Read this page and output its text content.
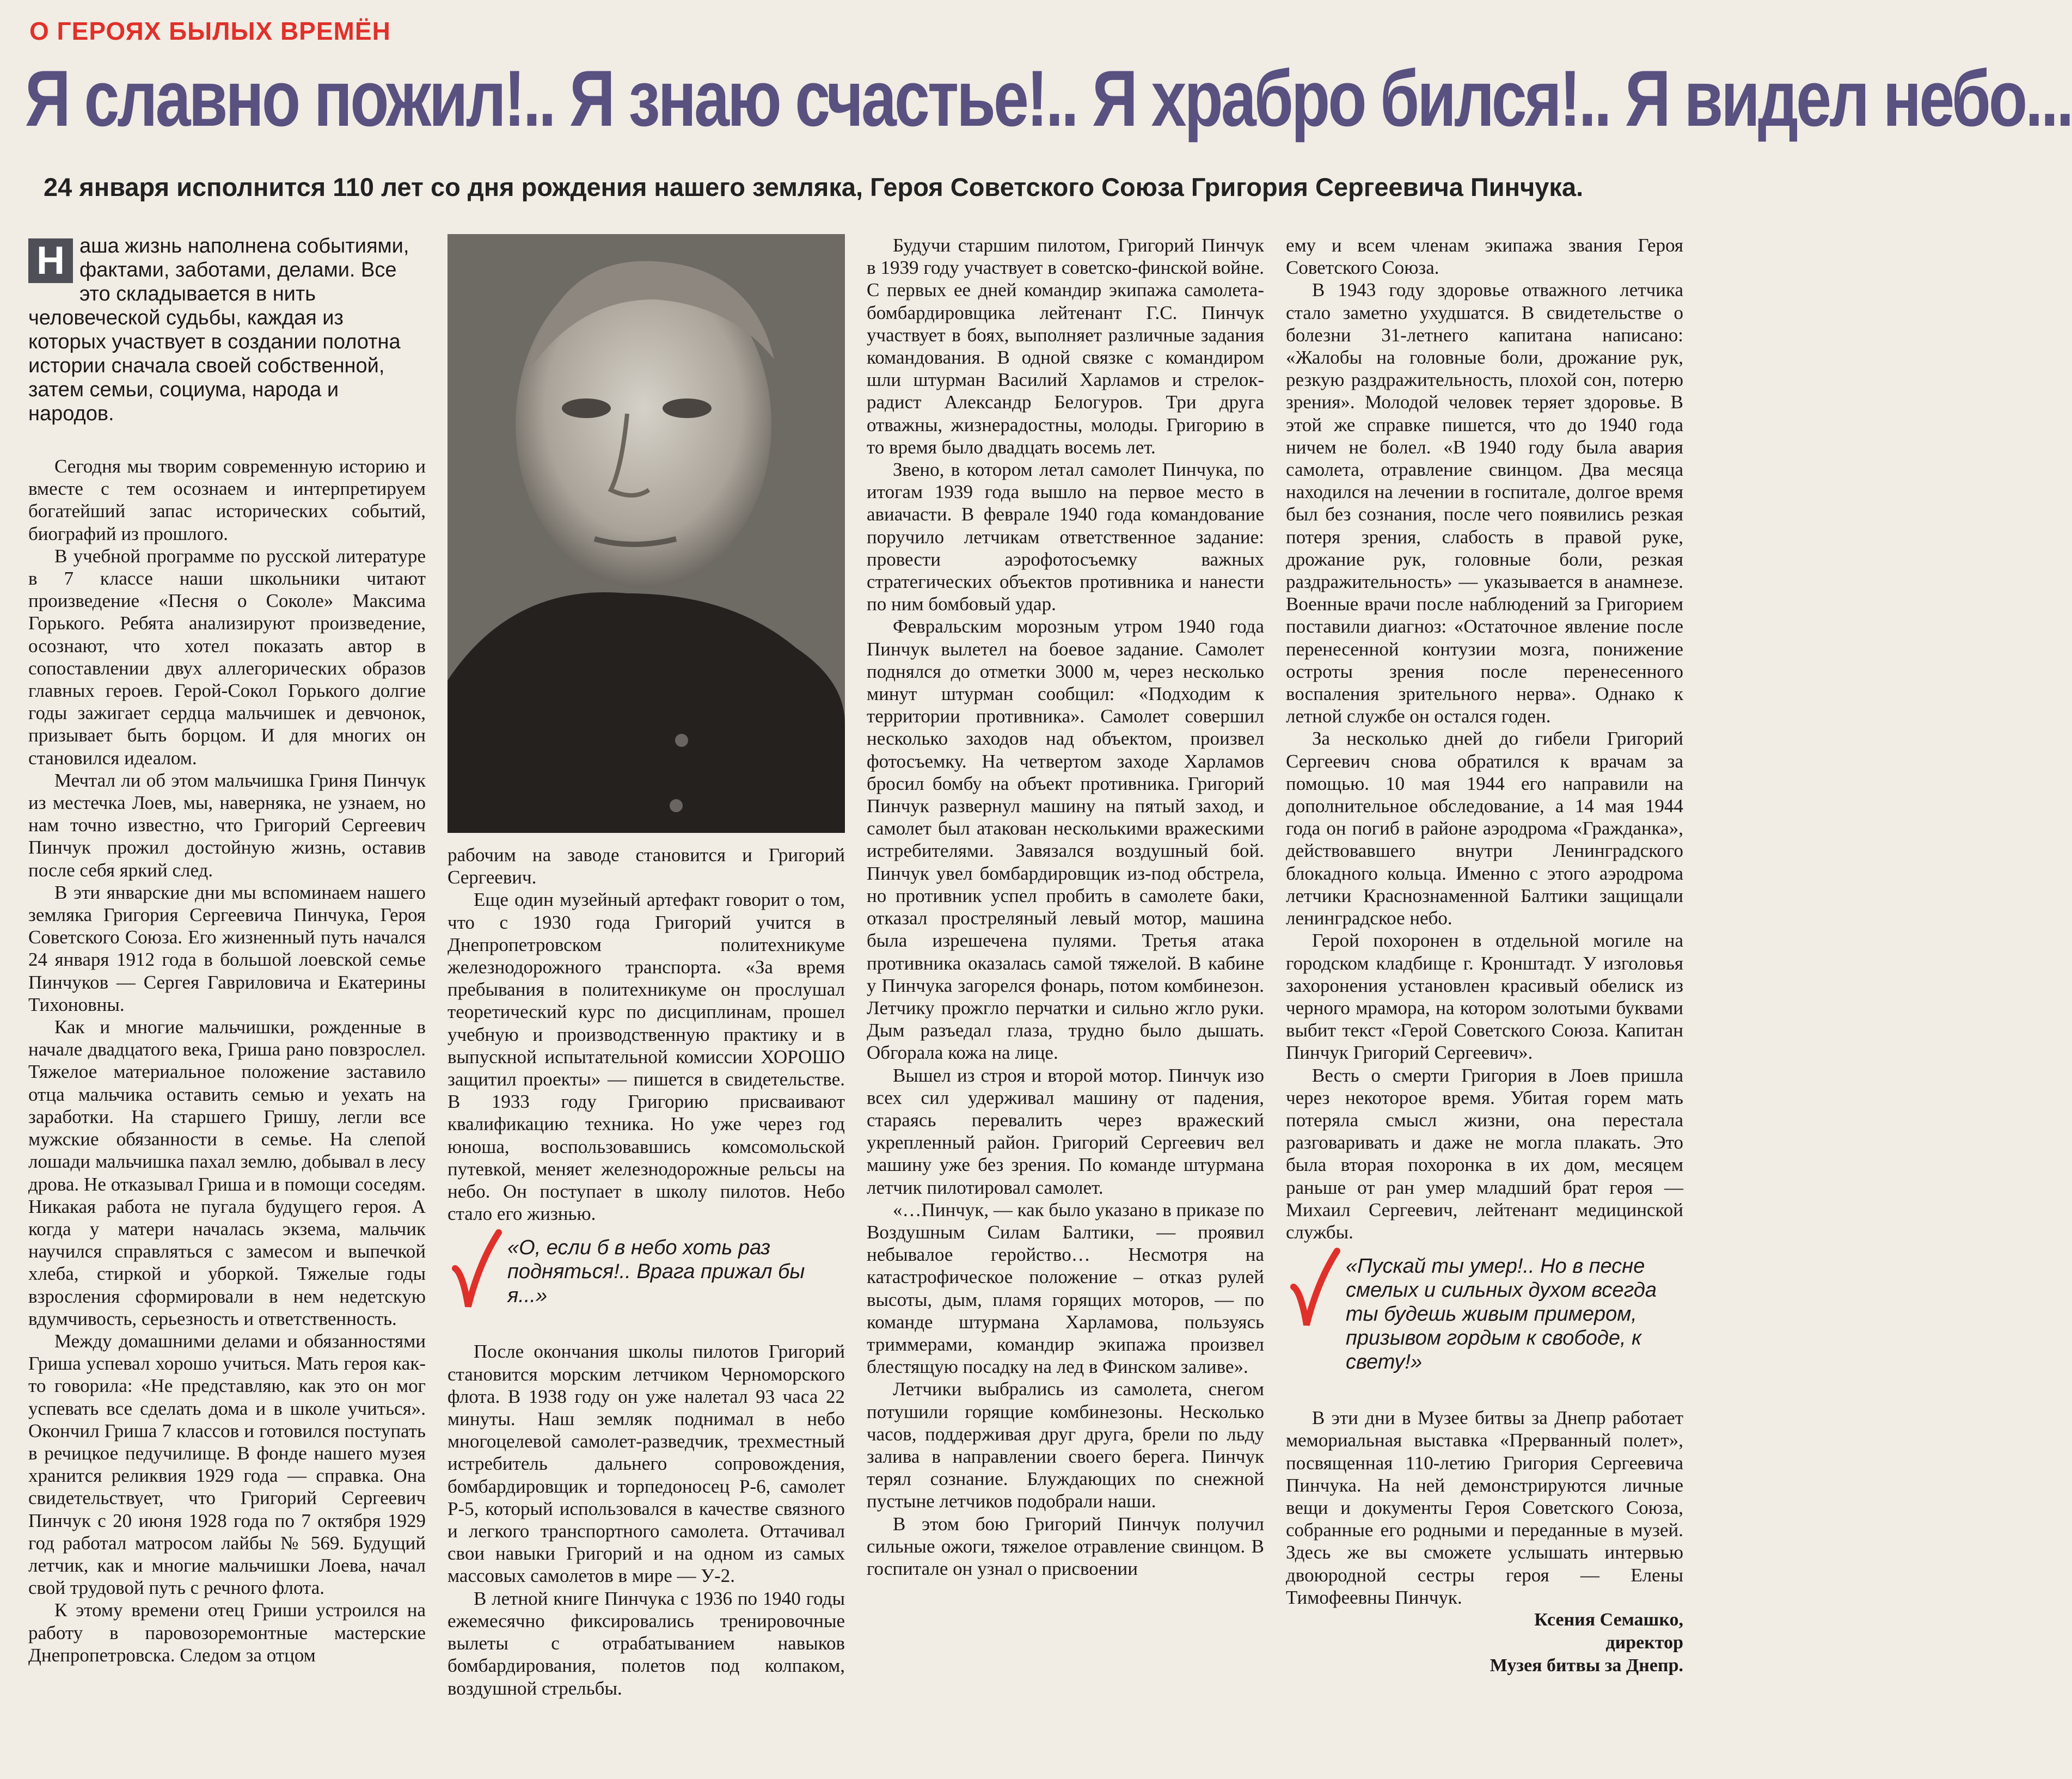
О ГЕРОЯХ БЫЛЫХ ВРЕМЁН
Я славно пожил!.. Я знаю счастье!.. Я храбро бился!.. Я видел небо...
24 января исполнится 110 лет со дня рождения нашего земляка, Героя Советского Союза Григория Сергеевича Пинчука.

Н аша жизнь наполнена событиями, фактами, заботами, делами. Все это складывается в нить человеческой судьбы, каждая из которых участвует в создании полотна истории сначала своей собственной, затем семьи, социума, народа и народов.

Сегодня мы творим современную историю и вместе с тем осознаем и интерпретируем богатейший запас исторических событий, биографий из прошлого.

В учебной программе по русской литературе в 7 классе наши школьники читают произведение «Песня о Соколе» Максима Горького. Ребята анализируют произведение, осознают, что хотел показать автор в сопоставлении двух аллегорических образов главных героев. Герой-Сокол Горького долгие годы зажигает сердца мальчишек и девчонок, призывает быть борцом. И для многих он становился идеалом.

Мечтал ли об этом мальчишка Гриня Пинчук из местечка Лоев, мы, наверняка, не узнаем, но нам точно известно, что Григорий Сергеевич Пинчук прожил достойную жизнь, оставив после себя яркий след.

В эти январские дни мы вспоминаем нашего земляка Григория Сергеевича Пинчука, Героя Советского Союза. Его жизненный путь начался 24 января 1912 года в большой лоевской семье Пинчуков — Сергея Гавриловича и Екатерины Тихоновны.

Как и многие мальчишки, рожденные в начале двадцатого века, Гриша рано повзрослел. Тяжелое материальное положение заставило отца мальчика оставить семью и уехать на заработки. На старшего Гришу, легли все мужские обязанности в семье. На слепой лошади мальчишка пахал землю, добывал в лесу дрова. Не отказывал Гриша и в помощи соседям. Никакая работа не пугала будущего героя. А когда у матери началась экзема, мальчик научился справляться с замесом и выпечкой хлеба, стиркой и уборкой. Тяжелые годы взросления сформировали в нем недетскую вдумчивость, серьезность и ответственность.

Между домашними делами и обязанностями Гриша успевал хорошо учиться. Мать героя как-то говорила: «Не представляю, как это он мог успевать все сделать дома и в школе учиться». Окончил Гриша 7 классов и готовился поступать в речицкое педучилище. В фонде нашего музея хранится реликвия 1929 года — справка. Она свидетельствует, что Григорий Сергеевич Пинчук с 20 июня 1928 года по 7 октября 1929 год работал матросом лайбы № 569. Будущий летчик, как и многие мальчишки Лоева, начал свой трудовой путь с речного флота.

К этому времени отец Гриши устроился на работу в паровозоремонтные мастерские Днепропетровска. Следом за отцом

рабочим на заводе становится и Григорий Сергеевич.

Еще один музейный артефакт говорит о том, что с 1930 года Григорий учится в Днепропетровском политехникуме железнодорожного транспорта. «За время пребывания в политехникуме он прослушал теоретический курс по дисциплинам, прошел учебную и производственную практику и в выпускной испытательной комиссии ХОРОШО защитил проекты» — пишется в свидетельстве. В 1933 году Григорию присваивают квалификацию техника. Но уже через год юноша, воспользовавшись комсомольской путевкой, меняет железнодорожные рельсы на небо. Он поступает в школу пилотов. Небо стало его жизнью.

«О, если б в небо хоть раз подняться!.. Врага прижал бы я...»

После окончания школы пилотов Григорий становится морским летчиком Черноморского флота. В 1938 году он уже налетал 93 часа 22 минуты. Наш земляк поднимал в небо многоцелевой самолет-разведчик, трехместный истребитель дальнего сопровождения, бомбардировщик и торпедоносец Р-6, самолет Р-5, который использовался в качестве связного и легкого транспортного самолета. Оттачивал свои навыки Григорий и на одном из самых массовых самолетов в мире — У-2.

В летной книге Пинчука с 1936 по 1940 годы ежемесячно фиксировались тренировочные вылеты с отрабатыванием навыков бомбардирования, полетов под колпаком, воздушной стрельбы.

Будучи старшим пилотом, Григорий Пинчук в 1939 году участвует в советско-финской войне. С первых ее дней командир экипажа самолета-бомбардировщика лейтенант Г.С. Пинчук участвует в боях, выполняет различные задания командования. В одной связке с командиром шли штурман Василий Харламов и стрелок-радист Александр Белогуров. Три друга отважны, жизнерадостны, молоды. Григорию в то время было двадцать восемь лет.

Звено, в котором летал самолет Пинчука, по итогам 1939 года вышло на первое место в авиачасти. В феврале 1940 года командование поручило летчикам ответственное задание: провести аэрофотосъемку важных стратегических объектов противника и нанести по ним бомбовый удар.

Февральским морозным утром 1940 года Пинчук вылетел на боевое задание. Самолет поднялся до отметки 3000 м, через несколько минут штурман сообщил: «Подходим к территории противника». Самолет совершил несколько заходов над объектом, произвел фотосъемку. На четвертом заходе Харламов бросил бомбу на объект противника. Григорий Пинчук развернул машину на пятый заход, и самолет был атакован несколькими вражескими истребителями. Завязался воздушный бой. Пинчук увел бомбардировщик из-под обстрела, но противник успел пробить в самолете баки, отказал простреляный левый мотор, машина была изрешечена пулями. Третья атака противника оказалась самой тяжелой. В кабине у Пинчука загорелся фонарь, потом комбинезон. Летчику прожгло перчатки и сильно жгло руки. Дым разъедал глаза, трудно было дышать. Обгорала кожа на лице.

Вышел из строя и второй мотор. Пинчук изо всех сил удерживал машину от падения, стараясь перевалить через вражеский укрепленный район. Григорий Сергеевич вел машину уже без зрения. По команде штурмана летчик пилотировал самолет.

«…Пинчук, — как было указано в приказе по Воздушным Силам Балтики, — проявил небывалое геройство… Несмотря на катастрофическое положение – отказ рулей высоты, дым, пламя горящих моторов, — по команде штурмана Харламова, пользуясь триммерами, командир экипажа произвел блестящую посадку на лед в Финском заливе».

Летчики выбрались из самолета, снегом потушили горящие комбинезоны. Несколько часов, поддерживая друг друга, брели по льду залива в направлении своего берега. Пинчук терял сознание. Блуждающих по снежной пустыне летчиков подобрали наши.

В этом бою Григорий Пинчук получил сильные ожоги, тяжелое отравление свинцом. В госпитале он узнал о присвоении

ему и всем членам экипажа звания Героя Советского Союза.

В 1943 году здоровье отважного летчика стало заметно ухудшатся. В свидетельстве о болезни 31-летнего капитана написано: «Жалобы на головные боли, дрожание рук, резкую раздражительность, плохой сон, потерю зрения». Молодой человек теряет здоровье. В этой же справке пишется, что до 1940 года ничем не болел. «В 1940 году была авария самолета, отравление свинцом. Два месяца находился на лечении в госпитале, долгое время был без сознания, после чего появились резкая потеря зрения, слабость в правой руке, дрожание рук, головные боли, резкая раздражительность» — указывается в анамнезе. Военные врачи после наблюдений за Григорием поставили диагноз: «Остаточное явление после перенесенной контузии мозга, понижение остроты зрения после перенесенного воспаления зрительного нерва». Однако к летной службе он остался годен.

За несколько дней до гибели Григорий Сергеевич снова обратился к врачам за помощью. 10 мая 1944 его направили на дополнительное обследование, а 14 мая 1944 года он погиб в районе аэродрома «Гражданка», действовавшего внутри Ленинградского блокадного кольца. Именно с этого аэродрома летчики Краснознаменной Балтики защищали ленинградское небо.

Герой похоронен в отдельной могиле на городском кладбище г. Кронштадт. У изголовья захоронения установлен красивый обелиск из черного мрамора, на котором золотыми буквами выбит текст «Герой Советского Союза. Капитан Пинчук Григорий Сергеевич».

Весть о смерти Григория в Лоев пришла через некоторое время. Убитая горем мать потеряла смысл жизни, она перестала разговаривать и даже не могла плакать. Это была вторая похоронка в их дом, месяцем раньше от ран умер младший брат героя — Михаил Сергеевич, лейтенант медицинской службы.

«Пускай ты умер!.. Но в песне смелых и сильных духом всегда ты будешь живым примером, призывом гордым к свободе, к свету!»

В эти дни в Музее битвы за Днепр работает мемориальная выставка «Прерванный полет», посвященная 110-летию Григория Сергеевича Пинчука. На ней демонстрируются личные вещи и документы Героя Советского Союза, собранные его родными и переданные в музей. Здесь же вы сможете услышать интервью двоюродной сестры героя — Елены Тимофеевны Пинчук.

Ксения Семашко,
директор
Музея битвы за Днепр.
